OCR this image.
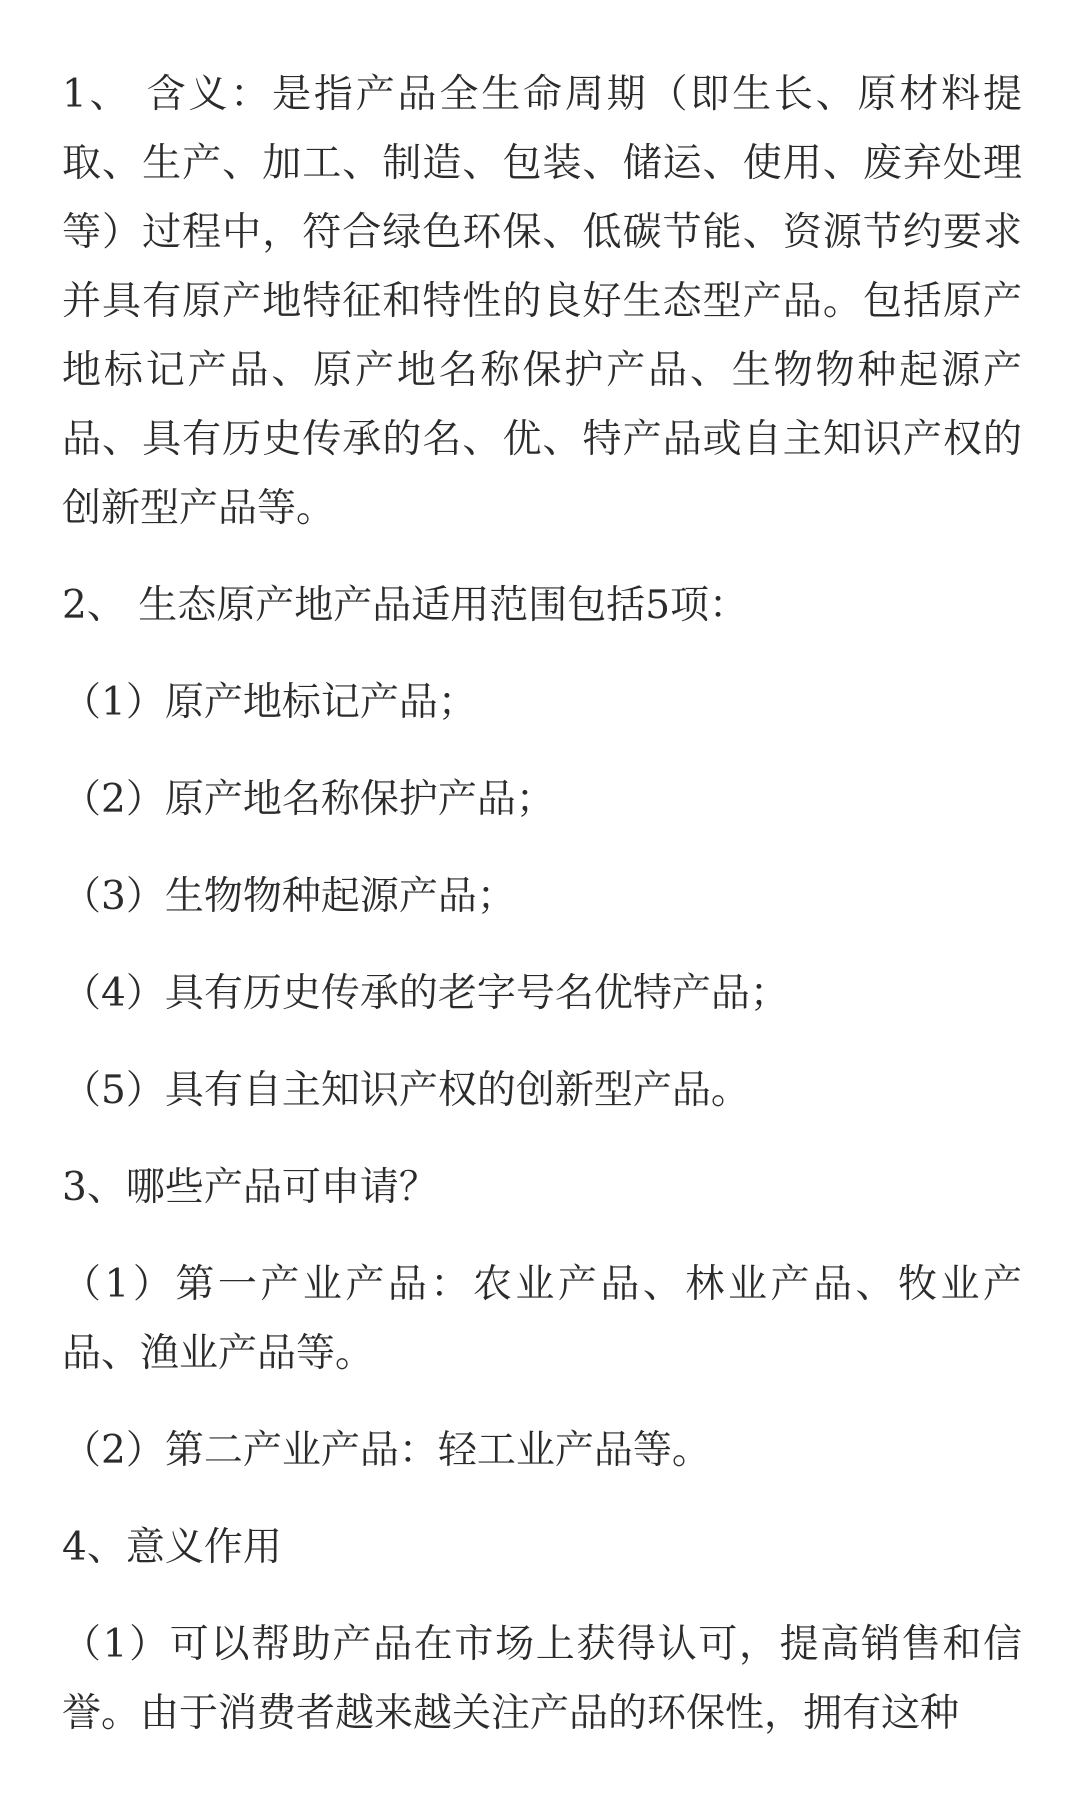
1、 含义：是指产品全生命周期（即生长、原材料提取、生产、加工、制造、包装、储运、使用、废弃处理等）过程中，符合绿色环保、低碳节能、资源节约要求并具有原产地特征和特性的良好生态型产品。包括原产地标记产品、原产地名称保护产品、生物物种起源产品、具有历史传承的名、优、特产品或自主知识产权的创新型产品等。

2、 生态原产地产品适用范围包括5项：

（1）原产地标记产品；

（2）原产地名称保护产品；

（3）生物物种起源产品；

（4）具有历史传承的老字号名优特产品；

（5）具有自主知识产权的创新型产品。

3、哪些产品可申请？

（1）第一产业产品：农业产品、林业产品、牧业产品、渔业产品等。

（2）第二产业产品：轻工业产品等。

4、意义作用

（1）可以帮助产品在市场上获得认可，提高销售和信誉。由于消费者越来越关注产品的环保性，拥有这种
